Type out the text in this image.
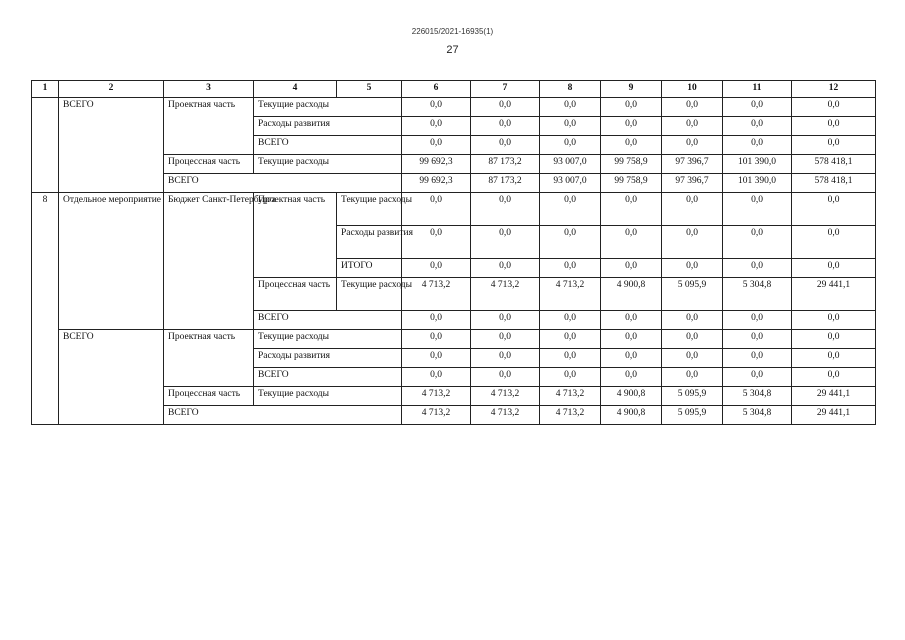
226015/2021-16935(1)
27
1	2	3	4	5	6	7	8	9	10	11	12
	ВСЕГО	Проектная часть	Текущие расходы		0,0	0,0	0,0	0,0	0,0	0,0	0,0
			Расходы развития		0,0	0,0	0,0	0,0	0,0	0,0	0,0
			ВСЕГО		0,0	0,0	0,0	0,0	0,0	0,0	0,0
		Процессная часть	Текущие расходы		99 692,3	87 173,2	93 007,0	99 758,9	97 396,7	101 390,0	578 418,1
		ВСЕГО			99 692,3	87 173,2	93 007,0	99 758,9	97 396,7	101 390,0	578 418,1
8	Отдельное мероприятие	Бюджет Санкт-Петербурга	Проектная часть	Текущие расходы	0,0	0,0	0,0	0,0	0,0	0,0	0,0
				Расходы развития	0,0	0,0	0,0	0,0	0,0	0,0	0,0
				ИТОГО	0,0	0,0	0,0	0,0	0,0	0,0	0,0
			Процессная часть	Текущие расходы	4 713,2	4 713,2	4 713,2	4 900,8	5 095,9	5 304,8	29 441,1
			ВСЕГО		0,0	0,0	0,0	0,0	0,0	0,0	0,0
	ВСЕГО	Проектная часть	Текущие расходы		0,0	0,0	0,0	0,0	0,0	0,0	0,0
			Расходы развития		0,0	0,0	0,0	0,0	0,0	0,0	0,0
			ВСЕГО		0,0	0,0	0,0	0,0	0,0	0,0	0,0
		Процессная часть	Текущие расходы		4 713,2	4 713,2	4 713,2	4 900,8	5 095,9	5 304,8	29 441,1
		ВСЕГО			4 713,2	4 713,2	4 713,2	4 900,8	5 095,9	5 304,8	29 441,1
